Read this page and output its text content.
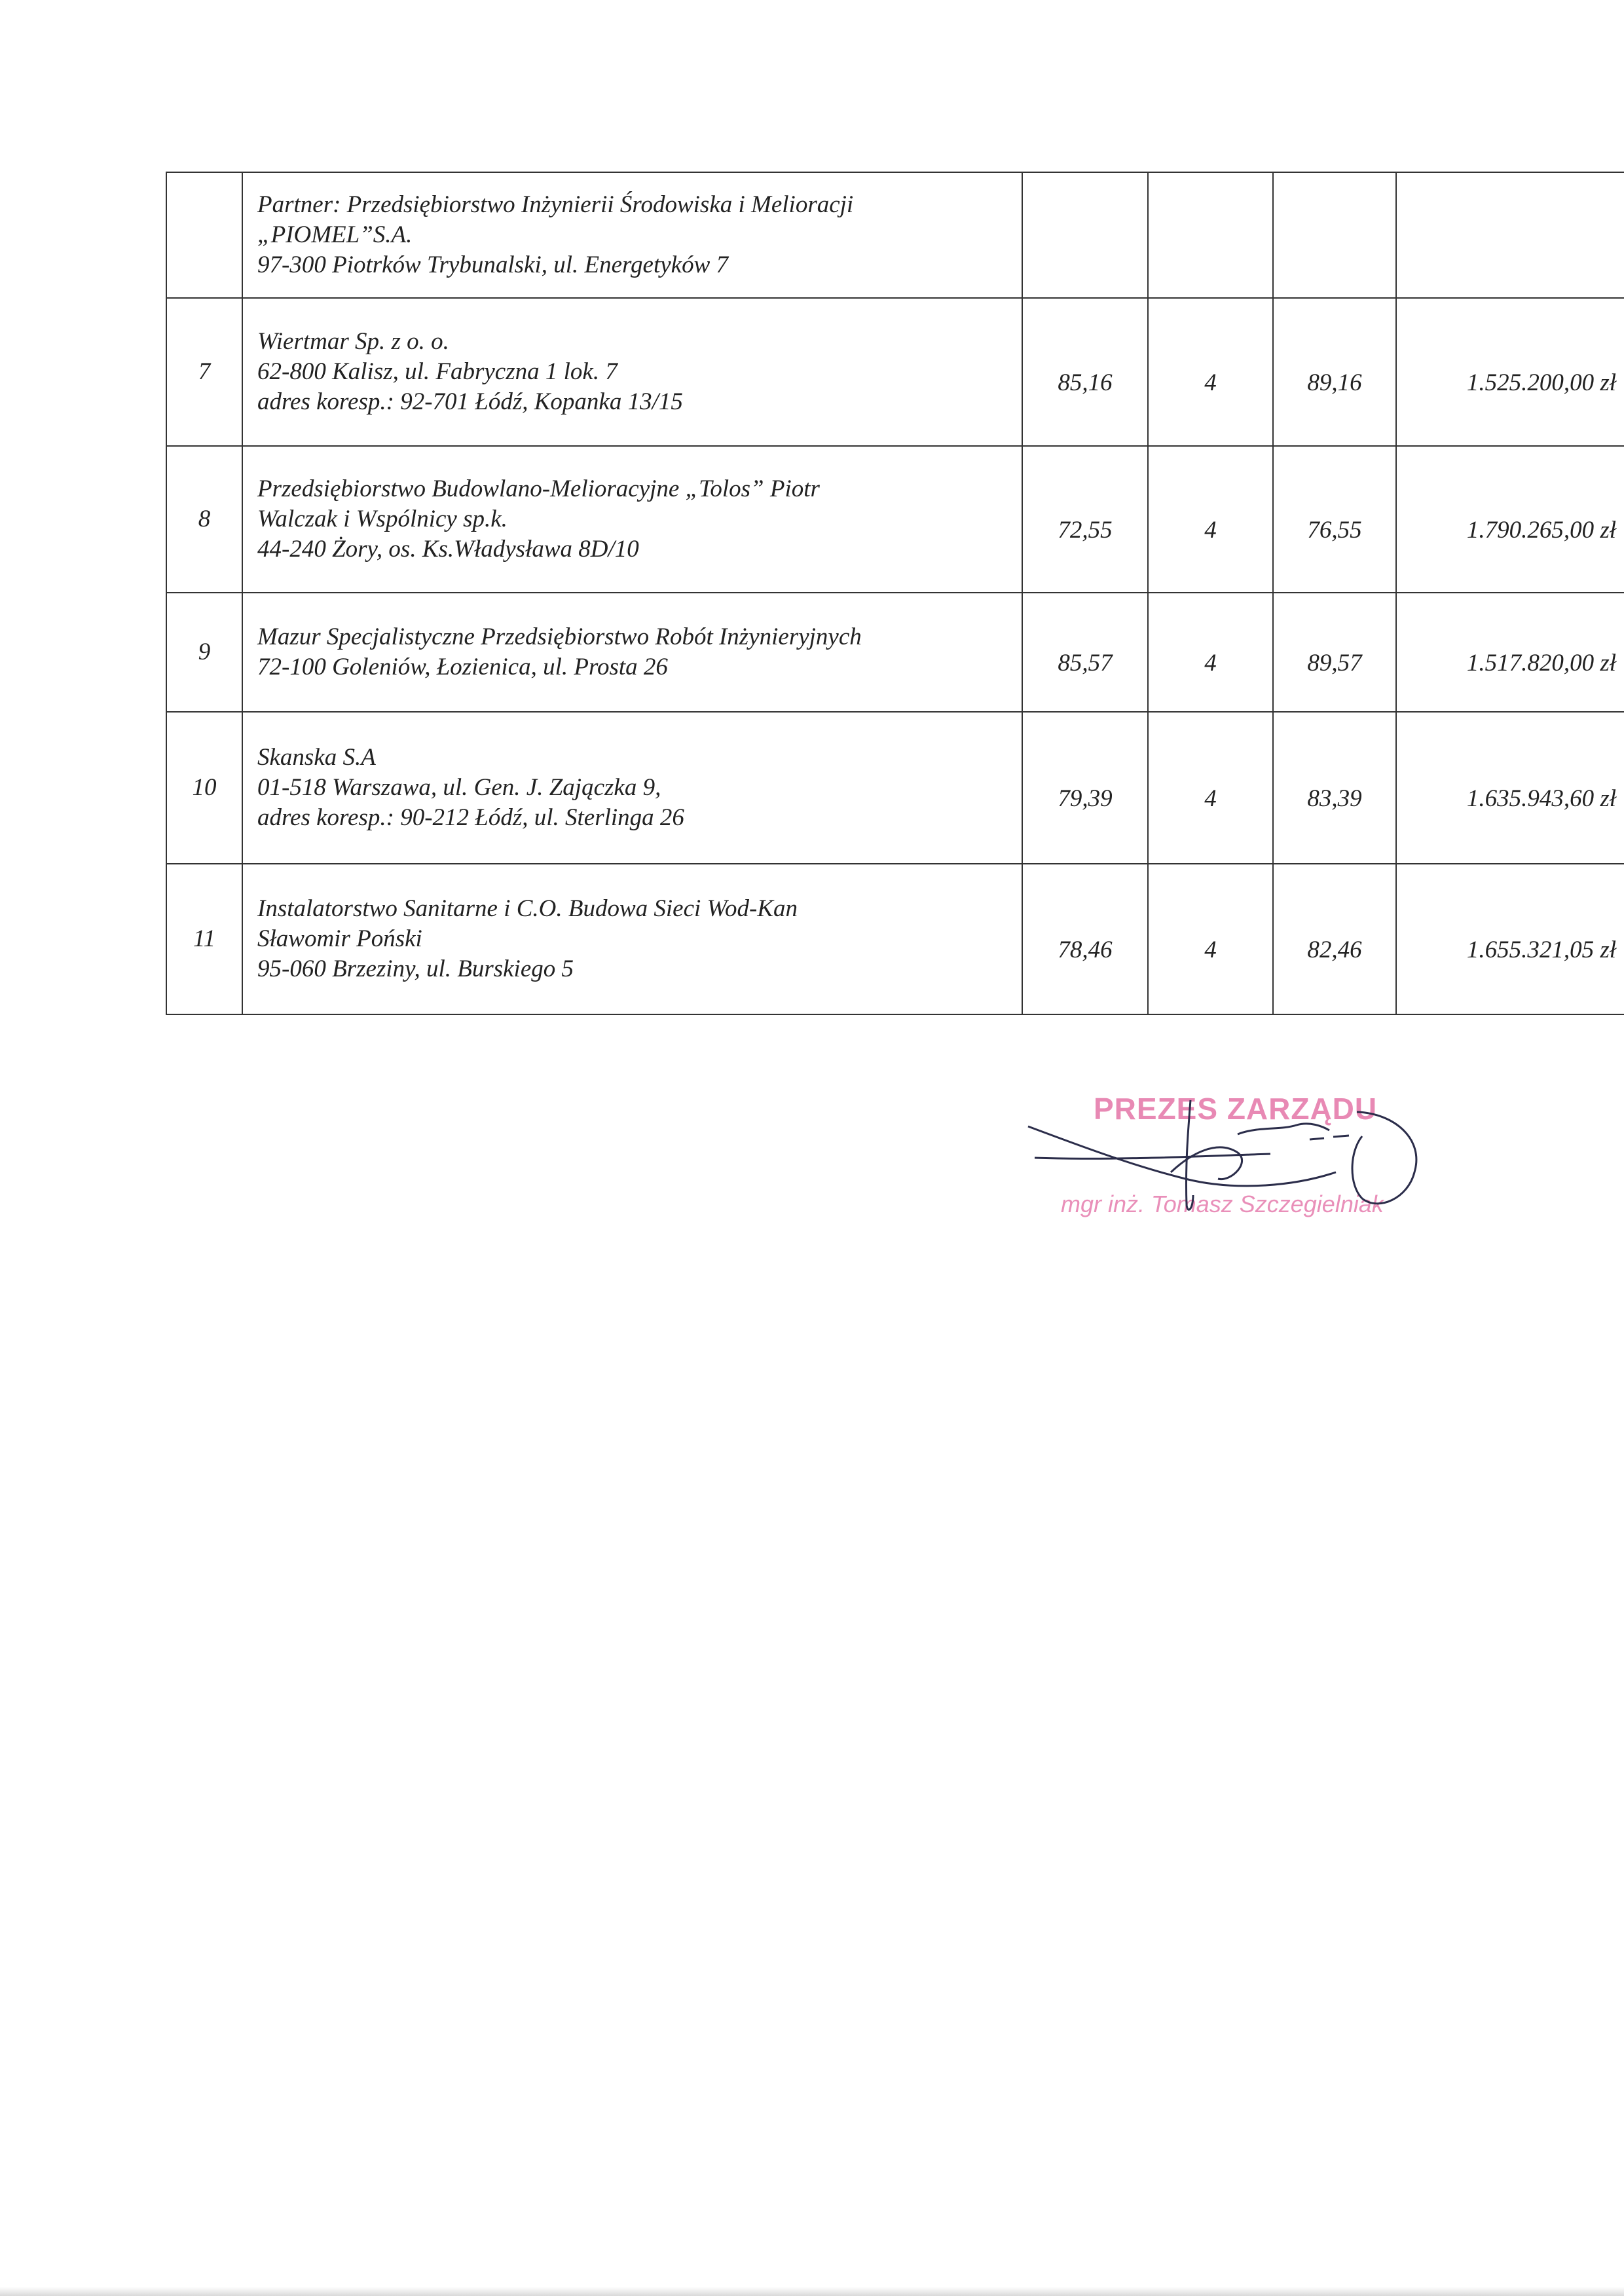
	Partner: Przedsiębiorstwo Inżynierii Środowiska i Melioracji
„PIOMEL”S.A.
97-300 Piotrków Trybunalski, ul. Energetyków 7				

7	Wiertmar Sp. z o. o.
62-800 Kalisz, ul. Fabryczna 1 lok. 7
adres koresp.: 92-701 Łódź, Kopanka 13/15	85,16	4	89,16	1.525.200,00 zł
8	Przedsiębiorstwo Budowlano-Melioracyjne „Tolos” Piotr
Walczak i Wspólnicy sp.k.
44-240 Żory, os. Ks.Władysława 8D/10	72,55	4	76,55	1.790.265,00 zł
9	Mazur Specjalistyczne Przedsiębiorstwo Robót Inżynieryjnych
72-100 Goleniów, Łozienica, ul. Prosta 26	85,57	4	89,57	1.517.820,00 zł
10	Skanska S.A
01-518 Warszawa, ul. Gen. J. Zajączka 9,
adres koresp.: 90-212 Łódź, ul. Sterlinga 26	79,39	4	83,39	1.635.943,60 zł
11	Instalatorstwo Sanitarne i C.O. Budowa Sieci Wod-Kan
Sławomir Poński
95-060 Brzeziny, ul. Burskiego 5	78,46	4	82,46	1.655.321,05 zł
PREZES ZARZĄDU
mgr inż. Tomasz Szczegielniak
